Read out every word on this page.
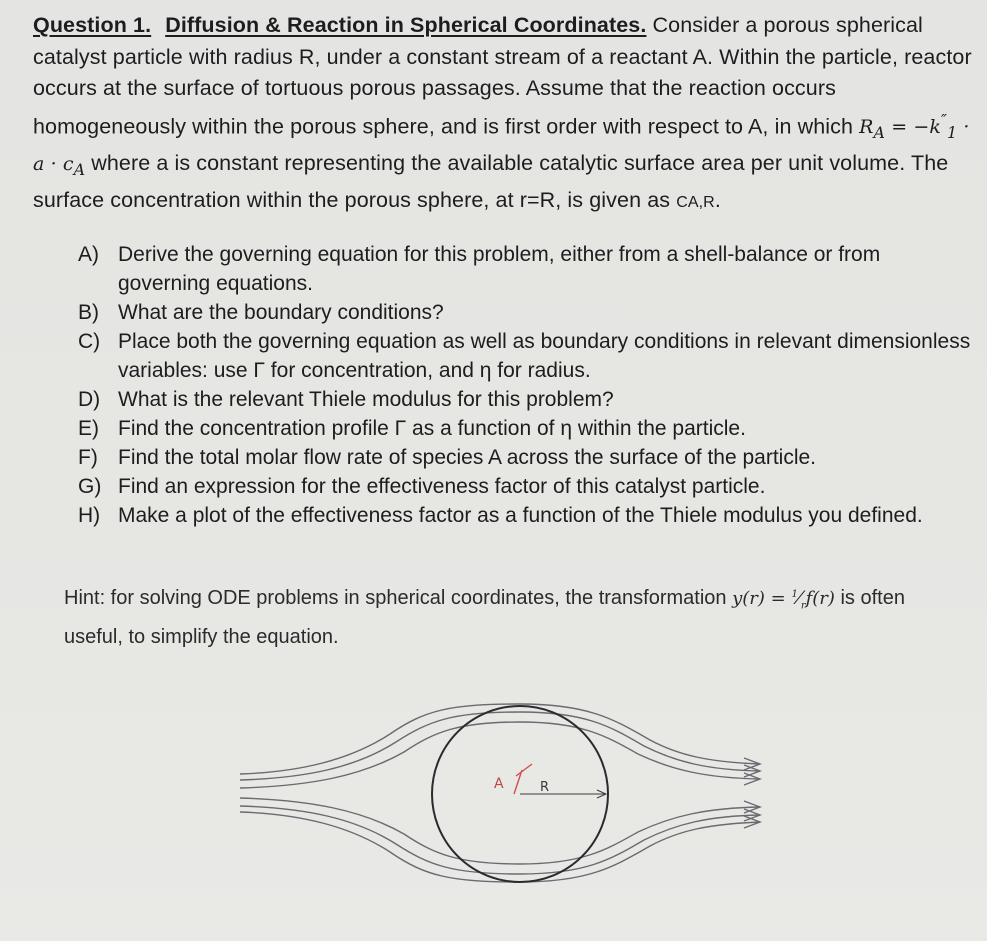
Question 1. Diffusion & Reaction in Spherical Coordinates. Consider a porous spherical catalyst particle with radius R, under a constant stream of a reactant A. Within the particle, reactor occurs at the surface of tortuous porous passages. Assume that the reaction occurs homogeneously within the porous sphere, and is first order with respect to A, in which $R_A = -k''_1 \cdot a \cdot c_A$ where a is constant representing the available catalytic surface area per unit volume. The surface concentration within the porous sphere, at r=R, is given as CA,R.
A) Derive the governing equation for this problem, either from a shell-balance or from governing equations.
B) What are the boundary conditions?
C) Place both the governing equation as well as boundary conditions in relevant dimensionless variables: use Γ for concentration, and η for radius.
D) What is the relevant Thiele modulus for this problem?
E) Find the concentration profile Γ as a function of η within the particle.
F) Find the total molar flow rate of species A across the surface of the particle.
G) Find an expression for the effectiveness factor of this catalyst particle.
H) Make a plot of the effectiveness factor as a function of the Thiele modulus you defined.
Hint: for solving ODE problems in spherical coordinates, the transformation $y(r) = ^1⁄_rf(r)$ is often useful, to simplify the equation.
A	R
